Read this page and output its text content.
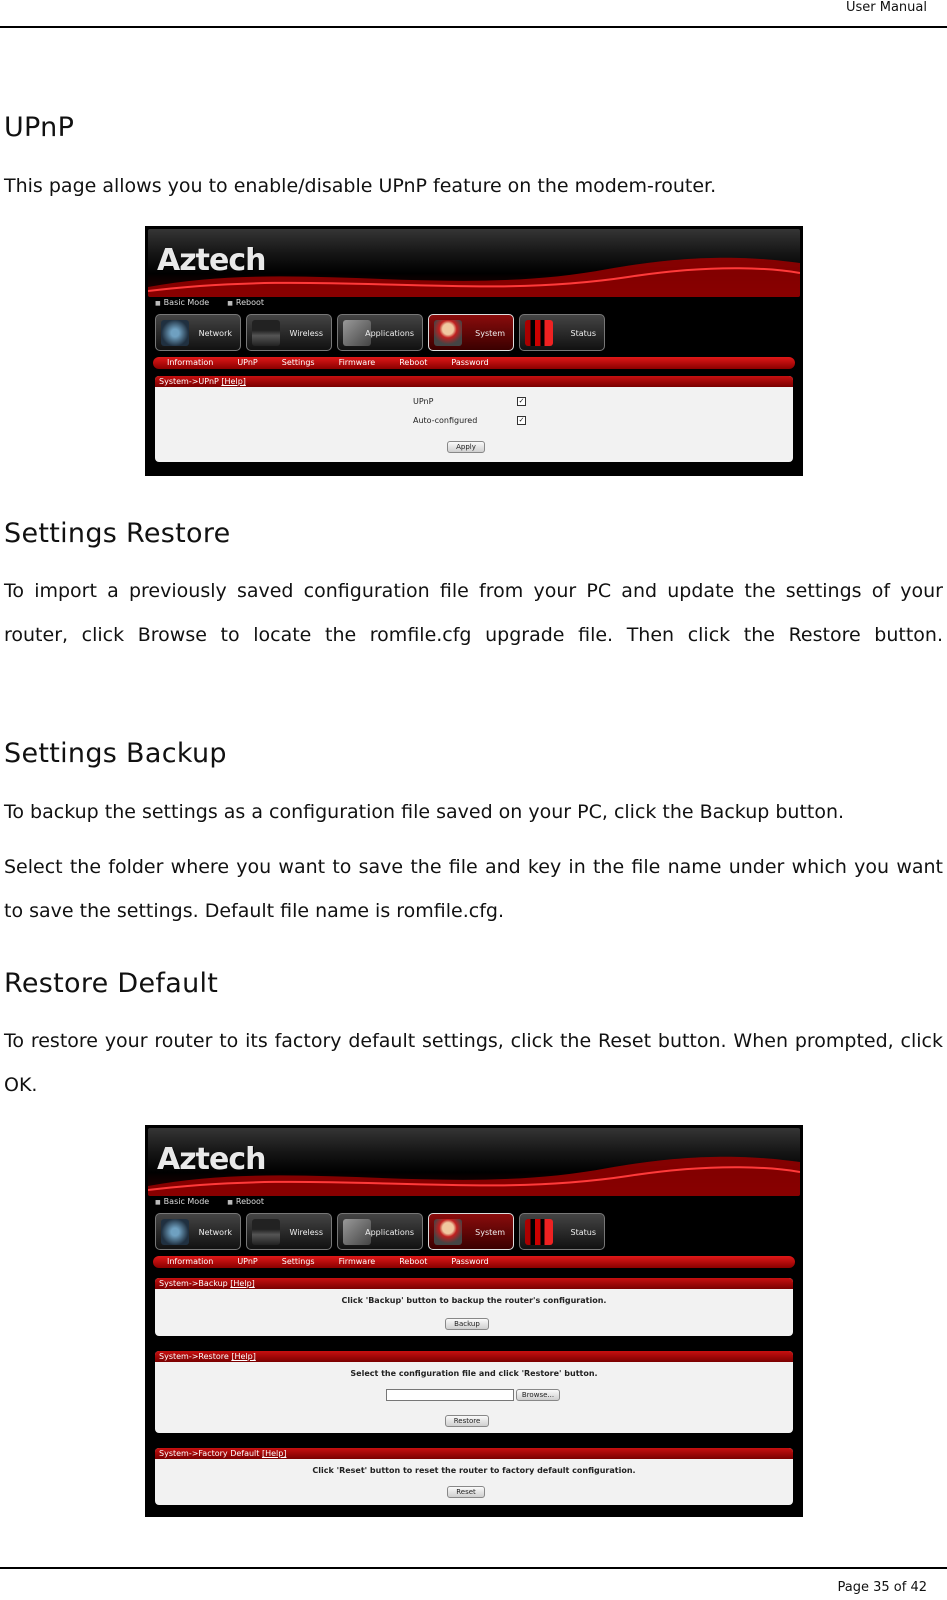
User Manual
UPnP

This page allows you to enable/disable UPnP feature on the modem-router.

Aztech
■ Basic Mode	■ Reboot
Network	Wireless	Applications	System	Status
Information	UPnP	Settings	Firmware	Reboot	Password
System->UPnP [Help]
UPnP	✓
Auto-configured	✓
Apply
Settings Restore

To import a previously saved configuration file from your PC and update the settings of your router, click Browse to locate the romfile.cfg upgrade file. Then click the Restore button.

Settings Backup

To backup the settings as a configuration file saved on your PC, click the Backup button.

Select the folder where you want to save the file and key in the file name under which you want to save the settings. Default file name is romfile.cfg.

Restore Default

To restore your router to its factory default settings, click the Reset button. When prompted, click OK.

Aztech
■ Basic Mode	■ Reboot
Network	Wireless	Applications	System	Status
Information	UPnP	Settings	Firmware	Reboot	Password
System->Backup [Help]
Click 'Backup' button to backup the router's configuration.
Backup
System->Restore [Help]
Select the configuration file and click 'Restore' button.
Browse...
Restore
System->Factory Default [Help]
Click 'Reset' button to reset the router to factory default configuration.
Reset
Page 35 of 42
